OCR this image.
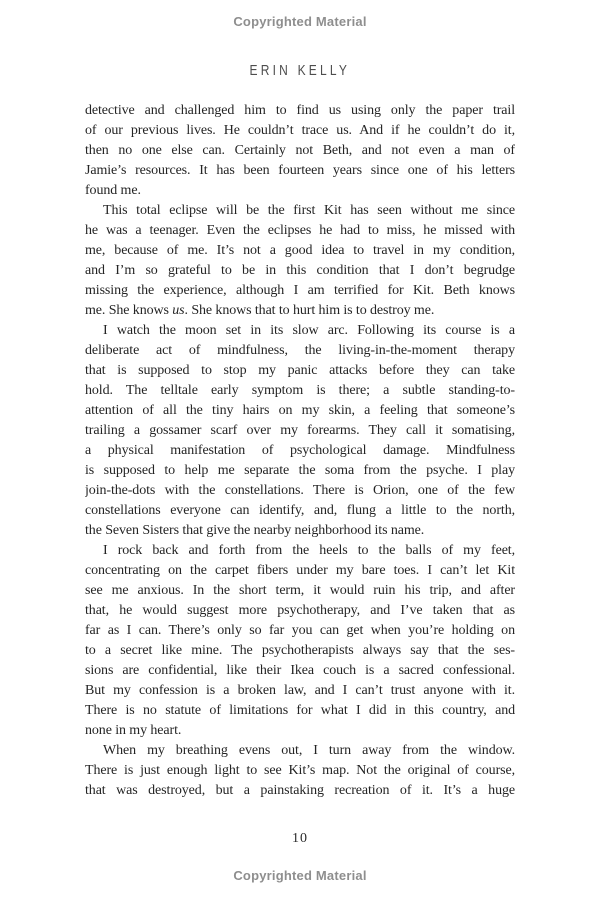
Copyrighted Material
ERIN KELLY
detective and challenged him to find us using only the paper trail
of our previous lives. He couldn’t trace us. And if he couldn’t do it,
then no one else can. Certainly not Beth, and not even a man of
Jamie’s resources. It has been fourteen years since one of his letters
found me.
This total eclipse will be the first Kit has seen without me since
he was a teenager. Even the eclipses he had to miss, he missed with
me, because of me. It’s not a good idea to travel in my condition,
and I’m so grateful to be in this condition that I don’t begrudge
missing the experience, although I am terrified for Kit. Beth knows
me. She knows us. She knows that to hurt him is to destroy me.
I watch the moon set in its slow arc. Following its course is a
deliberate act of mindfulness, the living-in-the-moment therapy
that is supposed to stop my panic attacks before they can take
hold. The telltale early symptom is there; a subtle standing-to-
attention of all the tiny hairs on my skin, a feeling that someone’s
trailing a gossamer scarf over my forearms. They call it somatising,
a physical manifestation of psychological damage. Mindfulness
is supposed to help me separate the soma from the psyche. I play
join-the-dots with the constellations. There is Orion, one of the few
constellations everyone can identify, and, flung a little to the north,
the Seven Sisters that give the nearby neighborhood its name.
I rock back and forth from the heels to the balls of my feet,
concentrating on the carpet fibers under my bare toes. I can’t let Kit
see me anxious. In the short term, it would ruin his trip, and after
that, he would suggest more psychotherapy, and I’ve taken that as
far as I can. There’s only so far you can get when you’re holding on
to a secret like mine. The psychotherapists always say that the ses-
sions are confidential, like their Ikea couch is a sacred confessional.
But my confession is a broken law, and I can’t trust anyone with it.
There is no statute of limitations for what I did in this country, and
none in my heart.
When my breathing evens out, I turn away from the window.
There is just enough light to see Kit’s map. Not the original of course,
that was destroyed, but a painstaking recreation of it. It’s a huge
10
Copyrighted Material
